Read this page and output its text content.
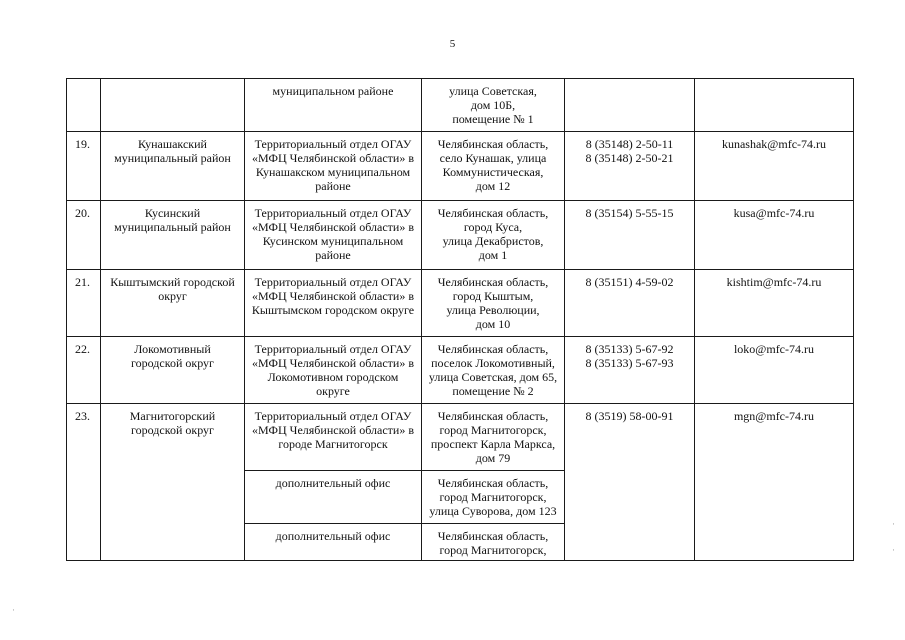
5
		муниципальном районе	улица Советская,
дом 10Б,
помещение № 1		
19.	Кунашакский
муниципальный район	Территориальный отдел ОГАУ
«МФЦ Челябинской области» в
Кунашакском муниципальном
районе	Челябинская область,
село Кунашак, улица
Коммунистическая,
дом 12	8 (35148) 2-50-11
8 (35148) 2-50-21	kunashak@mfc-74.ru
20.	Кусинский
муниципальный район	Территориальный отдел ОГАУ
«МФЦ Челябинской области» в
Кусинском муниципальном
районе	Челябинская область,
город Куса,
улица Декабристов,
дом 1	8 (35154) 5-55-15	kusa@mfc-74.ru
21.	Кыштымский городской
округ	Территориальный отдел ОГАУ
«МФЦ Челябинской области» в
Кыштымском городском округе	Челябинская область,
город Кыштым,
улица Революции,
дом 10	8 (35151) 4-59-02	kishtim@mfc-74.ru
22.	Локомотивный
городской округ	Территориальный отдел ОГАУ
«МФЦ Челябинской области» в
Локомотивном городском
округе	Челябинская область,
поселок Локомотивный,
улица Советская, дом 65,
помещение № 2	8 (35133) 5-67-92
8 (35133) 5-67-93	loko@mfc-74.ru
23.	Магнитогорский
городской округ	Территориальный отдел ОГАУ
«МФЦ Челябинской области» в
городе Магнитогорск	Челябинская область,
город Магнитогорск,
проспект Карла Маркса,
дом 79	8 (3519) 58-00-91	mgn@mfc-74.ru
		дополнительный офис	Челябинская область,
город Магнитогорск,
улица Суворова, дом 123		
		дополнительный офис	Челябинская область,
город Магнитогорск,		
·
·
·
